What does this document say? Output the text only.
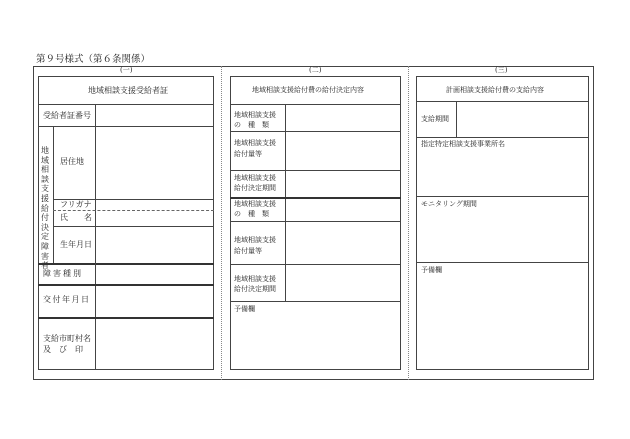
第９号様式（第６条関係）
(一)	(二)	(三)
地域相談支援受給者証
受給者証番号
地域相談支援給付決定障害者
居住地
フリガナ
氏　　名
生年月日
障害種別
交付年月日
支給市町村名
及　び　印
地域相談支援給付費の給付決定内容
地域相談支援
の　種　類
地域相談支援
給付量等
地域相談支援
給付決定期間
地域相談支援
の　種　類
地域相談支援
給付量等
地域相談支援
給付決定期間
予備欄
計画相談支援給付費の支給内容
支給期間
指定特定相談支援事業所名
モニタリング期間
予備欄
